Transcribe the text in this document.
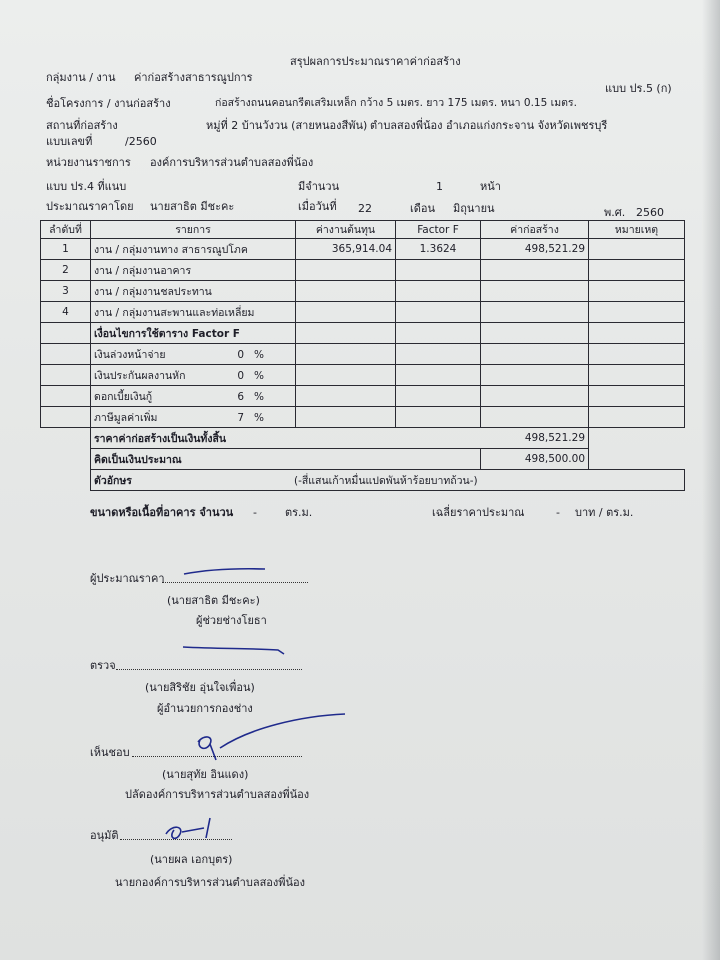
สรุปผลการประมาณราคาค่าก่อสร้าง
แบบ ปร.5 (ก)
กลุ่มงาน / งาน ค่าก่อสร้างสาธารณูปการ
ชื่อโครงการ / งานก่อสร้าง	ก่อสร้างถนนคอนกรีตเสริมเหล็ก กว้าง 5 เมตร. ยาว 175 เมตร. หนา 0.15 เมตร.
สถานที่ก่อสร้าง	หมู่ที่ 2 บ้านวังวน (สายหนองสีพัน) ตำบลสองพี่น้อง อำเภอแก่งกระจาน จังหวัดเพชรบุรี
แบบเลขที่	/2560
หน่วยงานราชการ องค์การบริหารส่วนตำบลสองพี่น้อง
แบบ ปร.4 ที่แนบ	มีจำนวน	1	หน้า
ประมาณราคาโดย นายสาธิต มีชะคะ	เมื่อวันที่ 22	เดือน มิถุนายน	พ.ศ. 2560
ลำดับที่	รายการ	ค่างานต้นทุน	Factor F	ค่าก่อสร้าง	หมายเหตุ
1	งาน / กลุ่มงานทาง สาธารณูปโภค	365,914.04	1.3624	498,521.29	
2	งาน / กลุ่มงานอาคาร				
3	งาน / กลุ่มงานชลประทาน				
4	งาน / กลุ่มงานสะพานและท่อเหลี่ยม				
	เงื่อนไขการใช้ตาราง Factor F				
	เงินล่วงหน้าจ่าย 0 %				
	เงินประกันผลงานหัก 0 %				
	ดอกเบี้ยเงินกู้ 6 %				
	ภาษีมูลค่าเพิ่ม 7 %				
	ราคาค่าก่อสร้างเป็นเงินทั้งสิ้น			498,521.29	
	คิดเป็นเงินประมาณ			498,500.00	
	ตัวอักษร (-สี่แสนเก้าหมื่นแปดพันห้าร้อยบาทถ้วน-)				
ขนาดหรือเนื้อที่อาคาร จำนวน -	ตร.ม.	เฉลี่ยราคาประมาณ	- บาท / ตร.ม.
ผู้ประมาณราคา
(นายสาธิต มีชะคะ)
ผู้ช่วยช่างโยธา
ตรวจ
(นายสิริชัย อุ่นใจเพื่อน)
ผู้อำนวยการกองช่าง
เห็นชอบ
(นายสุทัย อินแดง)
ปลัดองค์การบริหารส่วนตำบลสองพี่น้อง
อนุมัติ
(นายผล เอกบุตร)
นายกองค์การบริหารส่วนตำบลสองพี่น้อง
